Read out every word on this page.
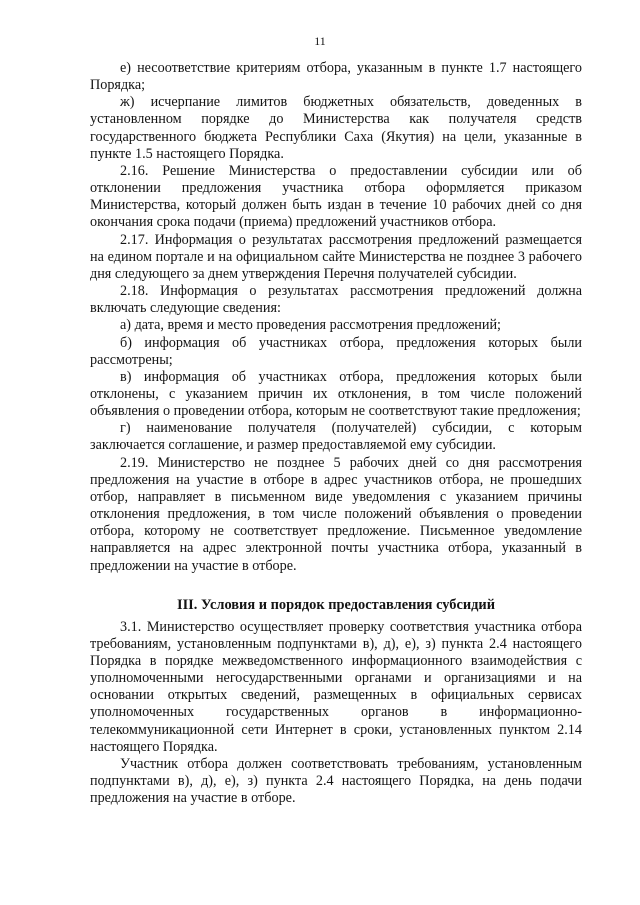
11

е) несоответствие критериям отбора, указанным в пункте 1.7 настоящего Порядка;

ж) исчерпание лимитов бюджетных обязательств, доведенных в установленном порядке до Министерства как получателя средств государственного бюджета Республики Саха (Якутия) на цели, указанные в пункте 1.5 настоящего Порядка.

2.16. Решение Министерства о предоставлении субсидии или об отклонении предложения участника отбора оформляется приказом Министерства, который должен быть издан в течение 10 рабочих дней со дня окончания срока подачи (приема) предложений участников отбора.

2.17. Информация о результатах рассмотрения предложений размещается на едином портале и на официальном сайте Министерства не позднее 3 рабочего дня следующего за днем утверждения Перечня получателей субсидии.

2.18. Информация о результатах рассмотрения предложений должна включать следующие сведения:

а) дата, время и место проведения рассмотрения предложений;

б) информация об участниках отбора, предложения которых были рассмотрены;

в) информация об участниках отбора, предложения которых были отклонены, с указанием причин их отклонения, в том числе положений объявления о проведении отбора, которым не соответствуют такие предложения;

г) наименование получателя (получателей) субсидии, с которым заключается соглашение, и размер предоставляемой ему субсидии.

2.19. Министерство не позднее 5 рабочих дней со дня рассмотрения предложения на участие в отборе в адрес участников отбора, не прошедших отбор, направляет в письменном виде уведомления с указанием причины отклонения предложения, в том числе положений объявления о проведении отбора, которому не соответствует предложение. Письменное уведомление направляется на адрес электронной почты участника отбора, указанный в предложении на участие в отборе.

III. Условия и порядок предоставления субсидий

3.1. Министерство осуществляет проверку соответствия участника отбора требованиям, установленным подпунктами в), д), е), з) пункта 2.4 настоящего Порядка в порядке межведомственного информационного взаимодействия с уполномоченными негосударственными органами и организациями и на основании открытых сведений, размещенных в официальных сервисах уполномоченных государственных органов в информационно-телекоммуникационной сети Интернет в сроки, установленных пунктом 2.14 настоящего Порядка.

Участник отбора должен соответствовать требованиям, установленным подпунктами в), д), е), з) пункта 2.4 настоящего Порядка, на день подачи предложения на участие в отборе.
